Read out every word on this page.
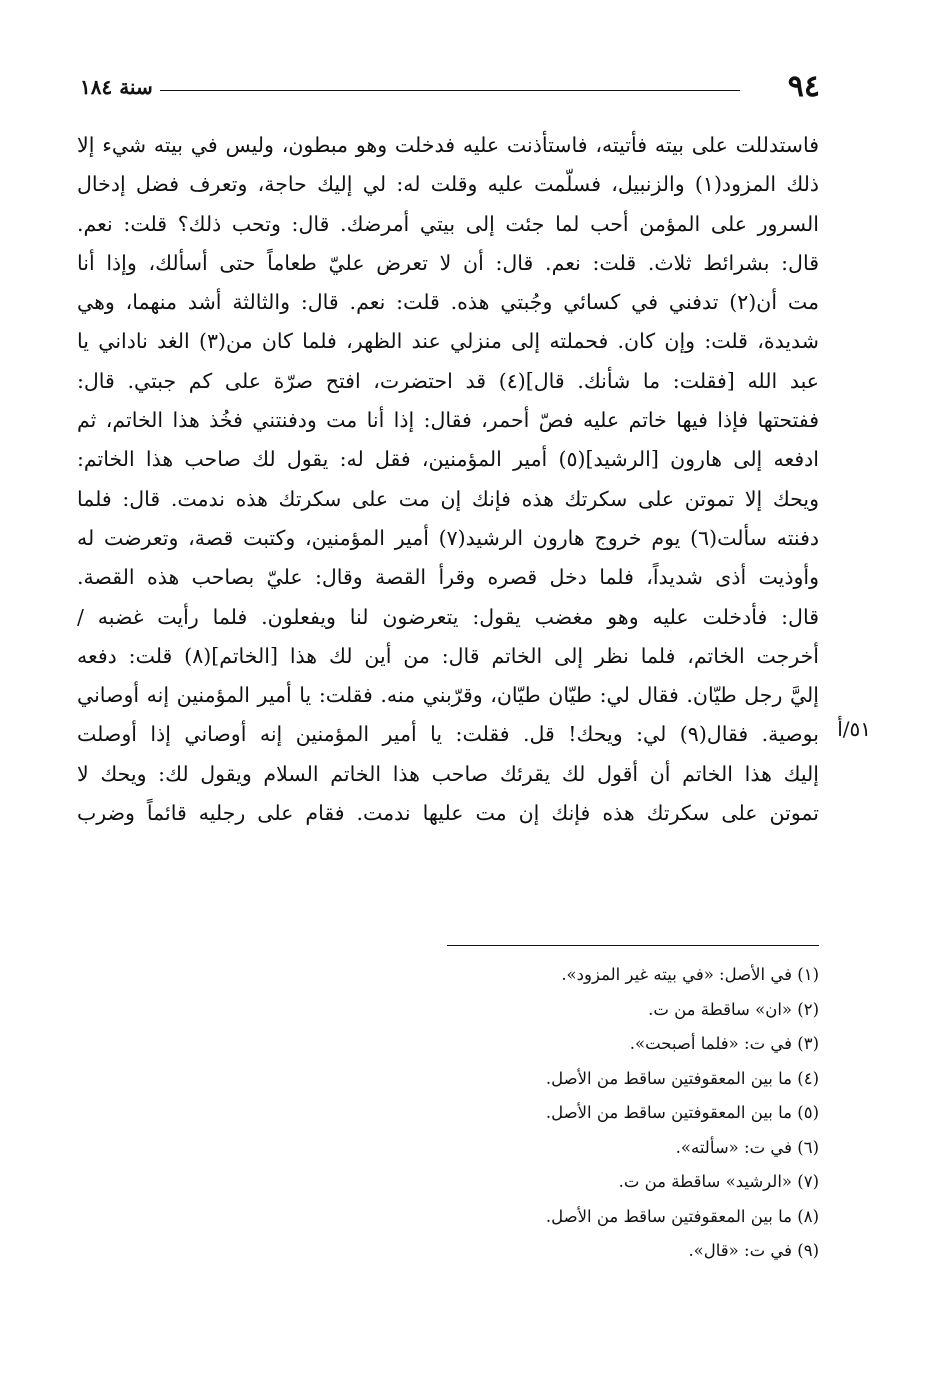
٩٤
سنة ١٨٤
فاستدللت على بيته فأتيته، فاستأذنت عليه فدخلت وهو مبطون، وليس في بيته شيء إلا
ذلك المزود(١) والزنبيل، فسلّمت عليه وقلت له: لي إليك حاجة، وتعرف فضل إدخال
السرور على المؤمن أحب لما جئت إلى بيتي أمرضك. قال: وتحب ذلك؟ قلت: نعم.
قال: بشرائط ثلاث. قلت: نعم. قال: أن لا تعرض عليّ طعاماً حتى أسألك، وإذا أنا
مت أن(٢) تدفني في كسائي وجُبتي هذه. قلت: نعم. قال: والثالثة أشد منهما، وهي
شديدة، قلت: وإن كان. فحملته إلى منزلي عند الظهر، فلما كان من(٣) الغد ناداني يا
عبد الله [فقلت: ما شأنك. قال](٤) قد احتضرت، افتح صرّة على كم جبتي. قال:
ففتحتها فإذا فيها خاتم عليه فصّ أحمر، فقال: إذا أنا مت ودفنتني فخُذ هذا الخاتم، ثم
ادفعه إلى هارون [الرشيد](٥) أمير المؤمنين، فقل له: يقول لك صاحب هذا الخاتم:
ويحك إلا تموتن على سكرتك هذه فإنك إن مت على سكرتك هذه ندمت. قال: فلما
دفنته سألت(٦) يوم خروج هارون الرشيد(٧) أمير المؤمنين، وكتبت قصة، وتعرضت له
وأوذيت أذى شديداً، فلما دخل قصره وقرأ القصة وقال: عليّ بصاحب هذه القصة.
قال: فأدخلت عليه وهو مغضب يقول: يتعرضون لنا ويفعلون. فلما رأيت غضبه /
أخرجت الخاتم، فلما نظر إلى الخاتم قال: من أين لك هذا [الخاتم](٨) قلت: دفعه
إليَّ رجل طيّان. فقال لي: طيّان طيّان، وقرّبني منه. فقلت: يا أمير المؤمنين إنه أوصاني
بوصية. فقال(٩) لي: ويحك! قل. فقلت: يا أمير المؤمنين إنه أوصاني إذا أوصلت
إليك هذا الخاتم أن أقول لك يقرئك صاحب هذا الخاتم السلام ويقول لك: ويحك لا
تموتن على سكرتك هذه فإنك إن مت عليها ندمت. فقام على رجليه قائماً وضرب
٥١/أ
(١) في الأصل: «في بيته غير المزود».
(٢) «ان» ساقطة من ت.
(٣) في ت: «فلما أصبحت».
(٤) ما بين المعقوفتين ساقط من الأصل.
(٥) ما بين المعقوفتين ساقط من الأصل.
(٦) في ت: «سألته».
(٧) «الرشيد» ساقطة من ت.
(٨) ما بين المعقوفتين ساقط من الأصل.
(٩) في ت: «قال».
